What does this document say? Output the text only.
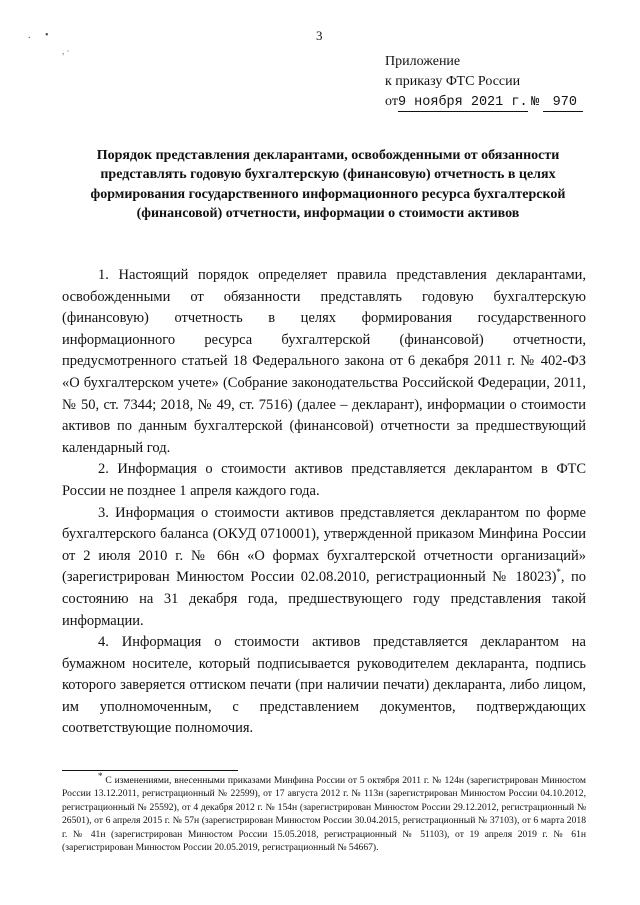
. •
, ·
3
Приложение
к приказу ФТС России
от9 ноября 2021 г. № 970
Порядок представления декларантами, освобожденными от обязанности представлять годовую бухгалтерскую (финансовую) отчетность в целях формирования государственного информационного ресурса бухгалтерской (финансовой) отчетности, информации о стоимости активов

1. Настоящий порядок определяет правила представления декларантами, освобожденными от обязанности представлять годовую бухгалтерскую (финансовую) отчетность в целях формирования государственного информационного ресурса бухгалтерской (финансовой) отчетности, предусмотренного статьей 18 Федерального закона от 6 декабря 2011 г. № 402-ФЗ «О бухгалтерском учете» (Собрание законодательства Российской Федерации, 2011, № 50, ст. 7344; 2018, № 49, ст. 7516) (далее – декларант), информации о стоимости активов по данным бухгалтерской (финансовой) отчетности за предшествующий календарный год.

2. Информация о стоимости активов представляется декларантом в ФТС России не позднее 1 апреля каждого года.

3. Информация о стоимости активов представляется декларантом по форме бухгалтерского баланса (ОКУД 0710001), утвержденной приказом Минфина России от 2 июля 2010 г. № 66н «О формах бухгалтерской отчетности организаций» (зарегистрирован Минюстом России 02.08.2010, регистрационный № 18023)*, по состоянию на 31 декабря года, предшествующего году представления такой информации.

4. Информация о стоимости активов представляется декларантом на бумажном носителе, который подписывается руководителем декларанта, подпись которого заверяется оттиском печати (при наличии печати) декларанта, либо лицом, им уполномоченным, с представлением документов, подтверждающих соответствующие полномочия.

* С изменениями, внесенными приказами Минфина России от 5 октября 2011 г. № 124н (зарегистрирован Минюстом России 13.12.2011, регистрационный № 22599), от 17 августа 2012 г. № 113н (зарегистрирован Минюстом России 04.10.2012, регистрационный № 25592), от 4 декабря 2012 г. № 154н (зарегистрирован Минюстом России 29.12.2012, регистрационный № 26501), от 6 апреля 2015 г. № 57н (зарегистрирован Минюстом России 30.04.2015, регистрационный № 37103), от 6 марта 2018 г. № 41н (зарегистрирован Минюстом России 15.05.2018, регистрационный № 51103), от 19 апреля 2019 г. № 61н (зарегистрирован Минюстом России 20.05.2019, регистрационный № 54667).
